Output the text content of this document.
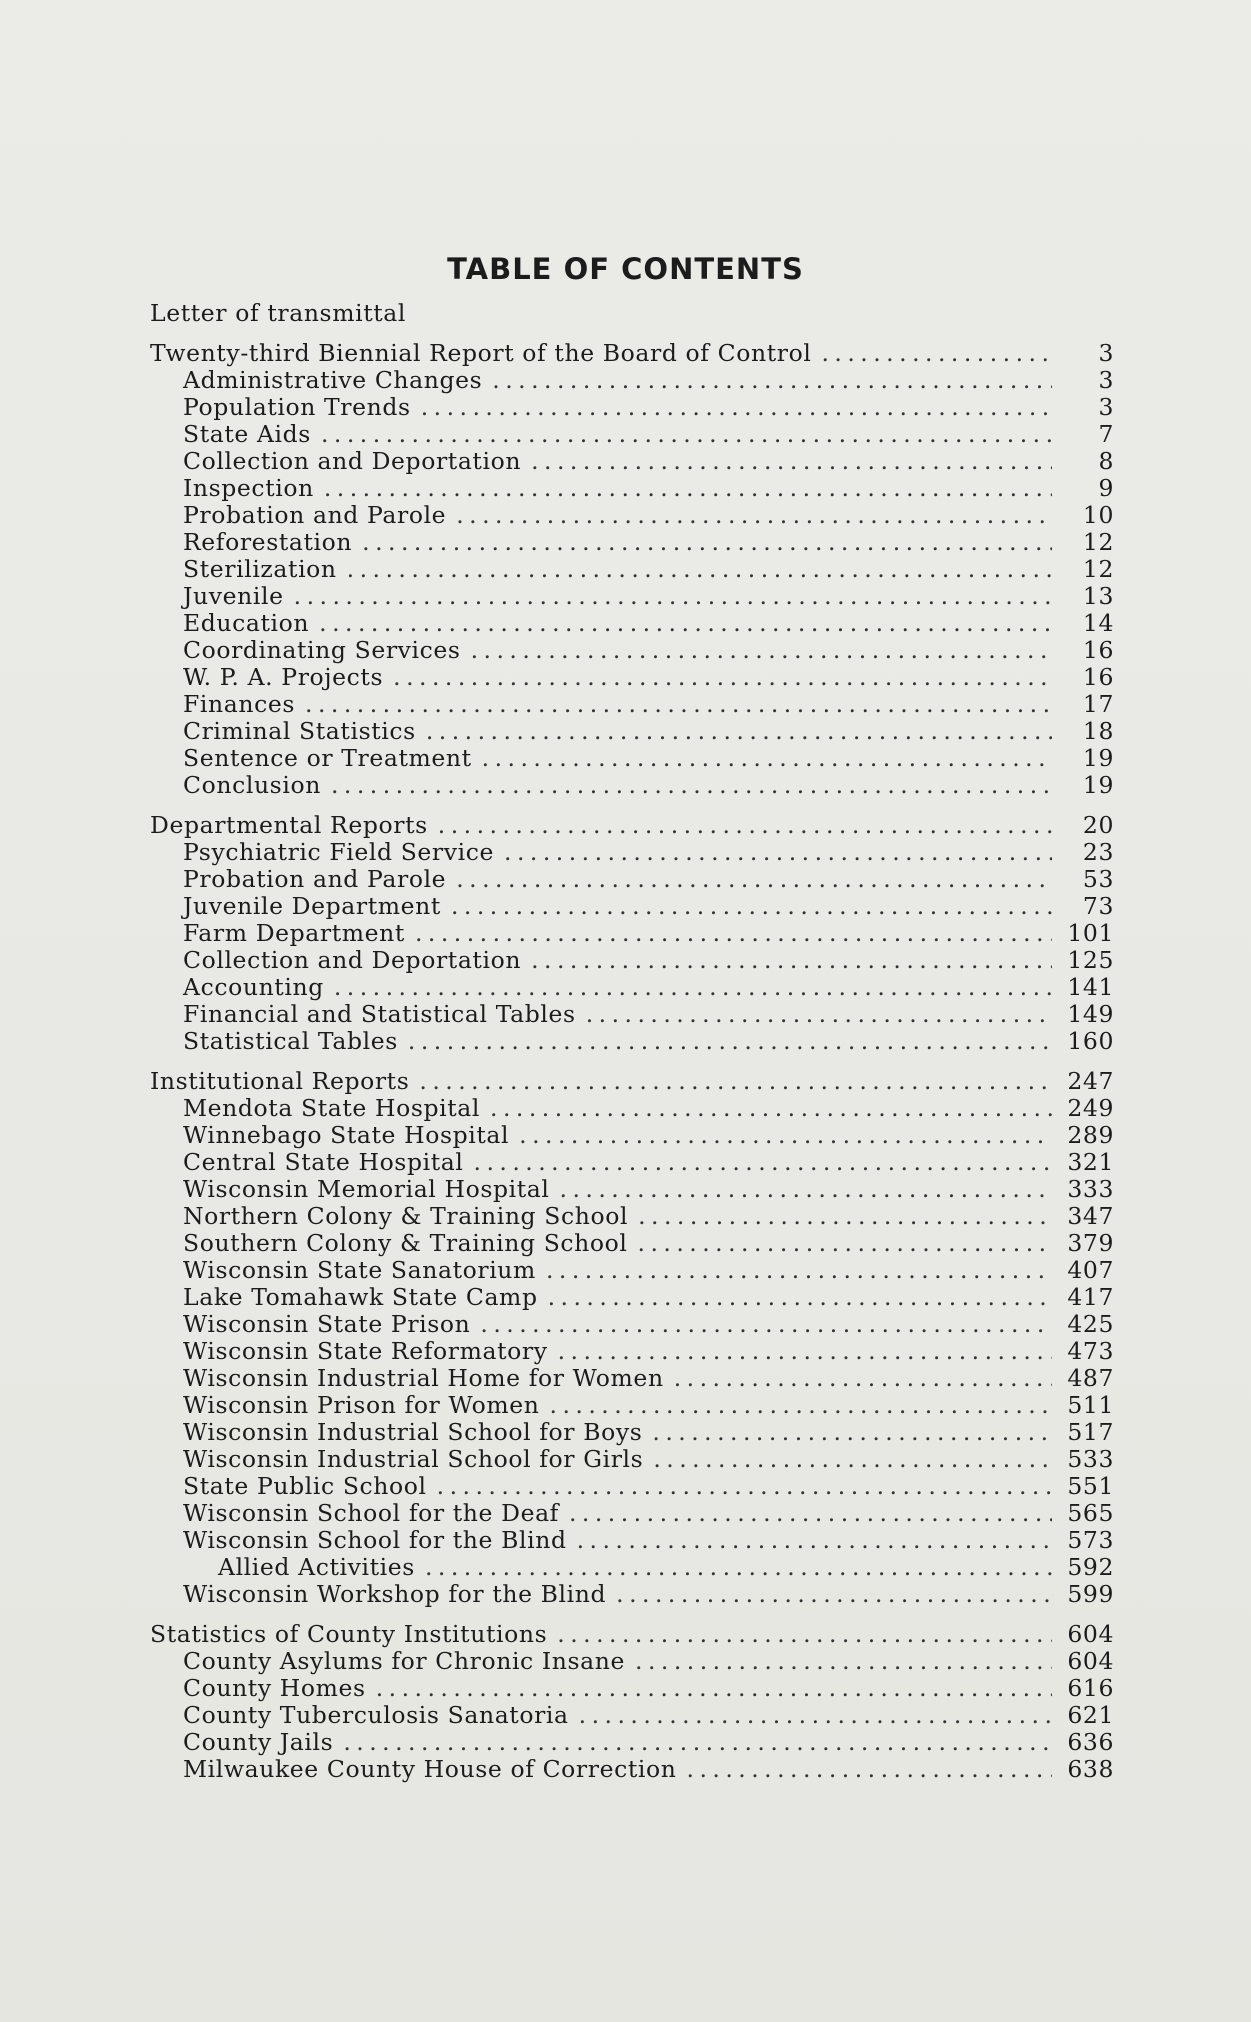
TABLE OF CONTENTS
Letter of transmittal
Twenty-third Biennial Report of the Board of Control . . .	3
Administrative Changes . . .	3
Population Trends . . .	3
State Aids . . .	7
Collection and Deportation . . .	8
Inspection . . .	9
Probation and Parole . . .	10
Reforestation . . .	12
Sterilization . . .	12
Juvenile . . .	13
Education . . .	14
Coordinating Services . . .	16
W. P. A. Projects . . .	16
Finances . . .	17
Criminal Statistics . . .	18
Sentence or Treatment . . .	19
Conclusion . . .	19
Departmental Reports . . .	20
Psychiatric Field Service . . .	23
Probation and Parole . . .	53
Juvenile Department . . .	73
Farm Department . . .	101
Collection and Deportation . . .	125
Accounting . . .	141
Financial and Statistical Tables . . .	149
Statistical Tables . . .	160
Institutional Reports . . .	247
Mendota State Hospital . . .	249
Winnebago State Hospital . . .	289
Central State Hospital . . .	321
Wisconsin Memorial Hospital . . .	333
Northern Colony & Training School . . .	347
Southern Colony & Training School . . .	379
Wisconsin State Sanatorium . . .	407
Lake Tomahawk State Camp . . .	417
Wisconsin State Prison . . .	425
Wisconsin State Reformatory . . .	473
Wisconsin Industrial Home for Women . . .	487
Wisconsin Prison for Women . . .	511
Wisconsin Industrial School for Boys . . .	517
Wisconsin Industrial School for Girls . . .	533
State Public School . . .	551
Wisconsin School for the Deaf . . .	565
Wisconsin School for the Blind . . .	573
Allied Activities . . .	592
Wisconsin Workshop for the Blind . . .	599
Statistics of County Institutions . . .	604
County Asylums for Chronic Insane . . .	604
County Homes . . .	616
County Tuberculosis Sanatoria . . .	621
County Jails . . .	636
Milwaukee County House of Correction . . .	638
